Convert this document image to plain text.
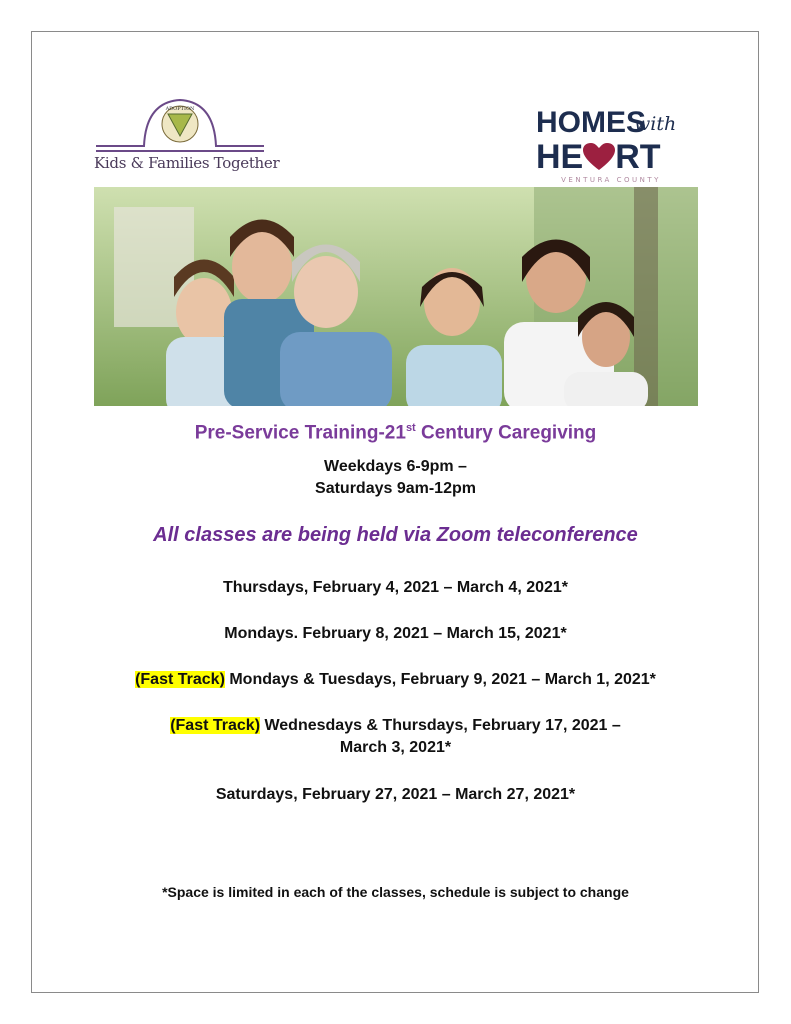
ADOPTION
Kids & Families Together
HOMES
with
HE RT
VENTURA COUNTY
Pre-Service Training-21st Century Caregiving
Weekdays 6-9pm –
Saturdays 9am-12pm
All classes are being held via Zoom teleconference
Thursdays, February 4, 2021 – March 4, 2021*
Mondays. February 8, 2021 – March 15, 2021*
(Fast Track) Mondays & Tuesdays, February 9, 2021 – March 1, 2021*
(Fast Track) Wednesdays & Thursdays, February 17, 2021 –
March 3, 2021*
Saturdays, February 27, 2021 – March 27, 2021*
*Space is limited in each of the classes, schedule is subject to change
